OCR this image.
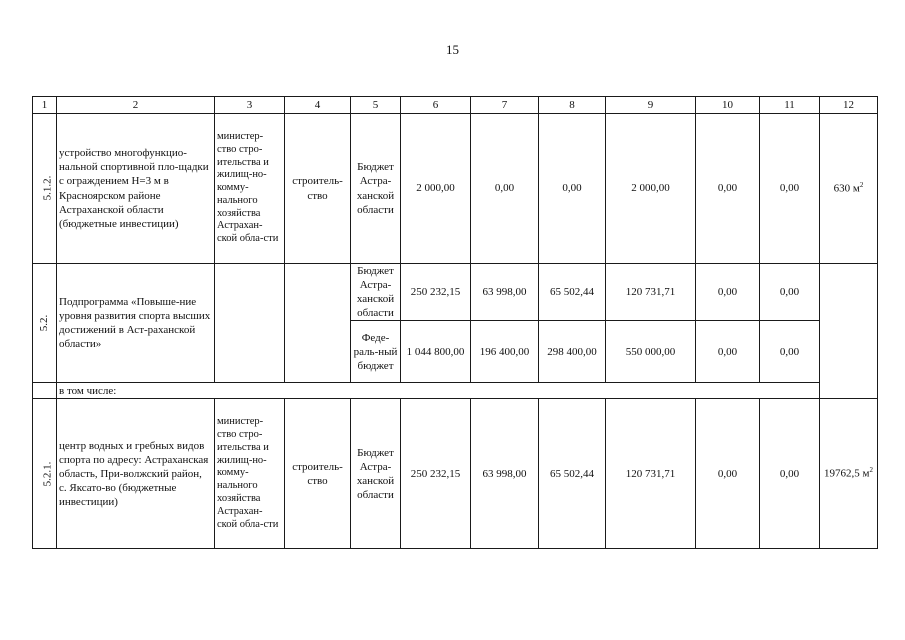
15
1	2	3	4	5	6	7	8	9	10	11	12
5.1.2.	устройство многофункцио-нальной спортивной пло-щадки с ограждением Н=3 м в Красноярском районе Астраханской области (бюджетные инвестиции)	министер-ство стро-ительства и жилищ-но-комму-нального хозяйства Астрахан-ской обла-сти	строитель-ство	Бюджет Астра-ханской области	2 000,00	0,00	0,00	2 000,00	0,00	0,00	630 $м^2$
5.2.	Подпрограмма «Повыше-ние уровня развития спорта высших достижений в Аст-раханской области»			Бюджет Астра-ханской области	250 232,15	63 998,00	65 502,44	120 731,71	0,00	0,00	
				Феде-раль-ный бюджет	1 044 800,00	196 400,00	298 400,00	550 000,00	0,00	0,00	
	в том числе:										
5.2.1.	центр водных и гребных видов спорта по адресу: Астраханская область, При-волжский район, с. Яксато-во (бюджетные инвестиции)	министер-ство стро-ительства и жилищ-но-комму-нального хозяйства Астрахан-ской обла-сти	строитель-ство	Бюджет Астра-ханской области	250 232,15	63 998,00	65 502,44	120 731,71	0,00	0,00	19762,5 $м^2$
